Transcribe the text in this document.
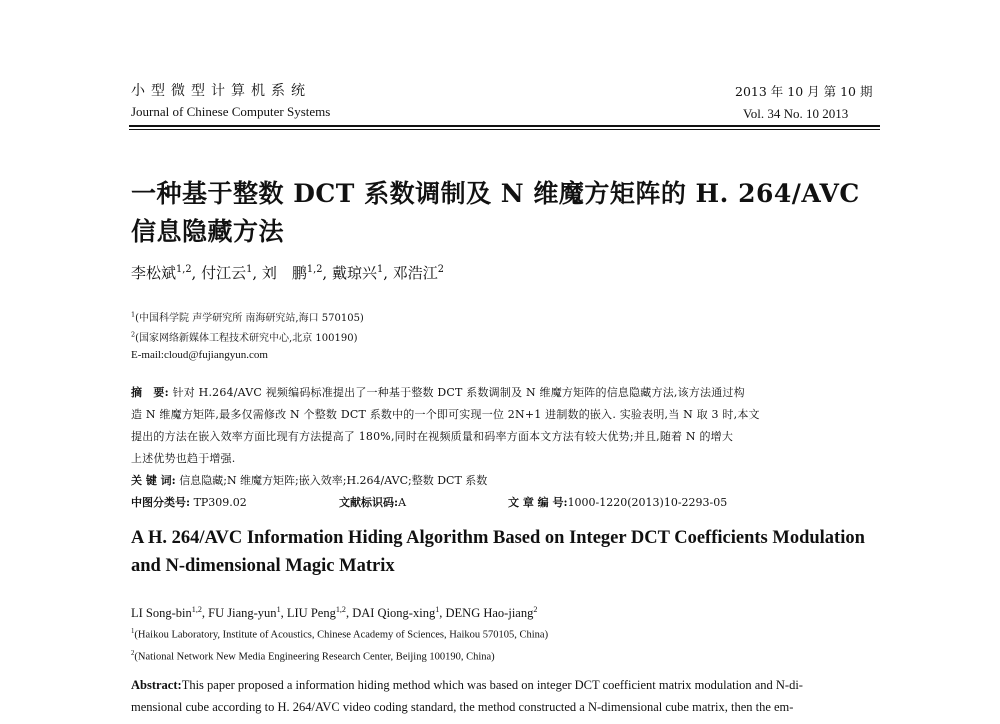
小型微型计算机系统
Journal of Chinese Computer Systems
2013 年 10 月 第 10 期
Vol. 34 No. 10 2013
一种基于整数 DCT 系数调制及 N 维魔方矩阵的 H. 264/AVC
信息隐藏方法
李松斌$^{1,2}$, 付江云$^1$, 刘　鹏$^{1,2}$, 戴琼兴$^1$, 邓浩江$^2$
$^1$(中国科学院 声学研究所 南海研究站,海口 570105)
$^2$(国家网络新媒体工程技术研究中心,北京 100190)
E-mail:cloud@fujiangyun.com
摘　要: 针对 H.264/AVC 视频编码标准提出了一种基于整数 DCT 系数调制及 N 维魔方矩阵的信息隐藏方法,该方法通过构
造 N 维魔方矩阵,最多仅需修改 N 个整数 DCT 系数中的一个即可实现一位 2N+1 进制数的嵌入. 实验表明,当 N 取 3 时,本文
提出的方法在嵌入效率方面比现有方法提高了 180%,同时在视频质量和码率方面本文方法有较大优势;并且,随着 N 的增大
上述优势也趋于增强.
关 键 词: 信息隐藏;N 维魔方矩阵;嵌入效率;H.264/AVC;整数 DCT 系数
中图分类号: TP309.02	文献标识码:A	文 章 编 号:1000-1220(2013)10-2293-05
A H. 264/AVC Information Hiding Algorithm Based on Integer DCT Coefficients Modulation
and N-dimensional Magic Matrix
LI Song-bin$^{1,2}$, FU Jiang-yun$^1$, LIU Peng$^{1,2}$, DAI Qiong-xing$^1$, DENG Hao-jiang$^2$
$^1$(Haikou Laboratory, Institute of Acoustics, Chinese Academy of Sciences, Haikou 570105, China)
$^2$(National Network New Media Engineering Research Center, Beijing 100190, China)
Abstract:This paper proposed a information hiding method which was based on integer DCT coefficient matrix modulation and N-di-
mensional cube according to H. 264/AVC video coding standard, the method constructed a N-dimensional cube matrix, then the em-
